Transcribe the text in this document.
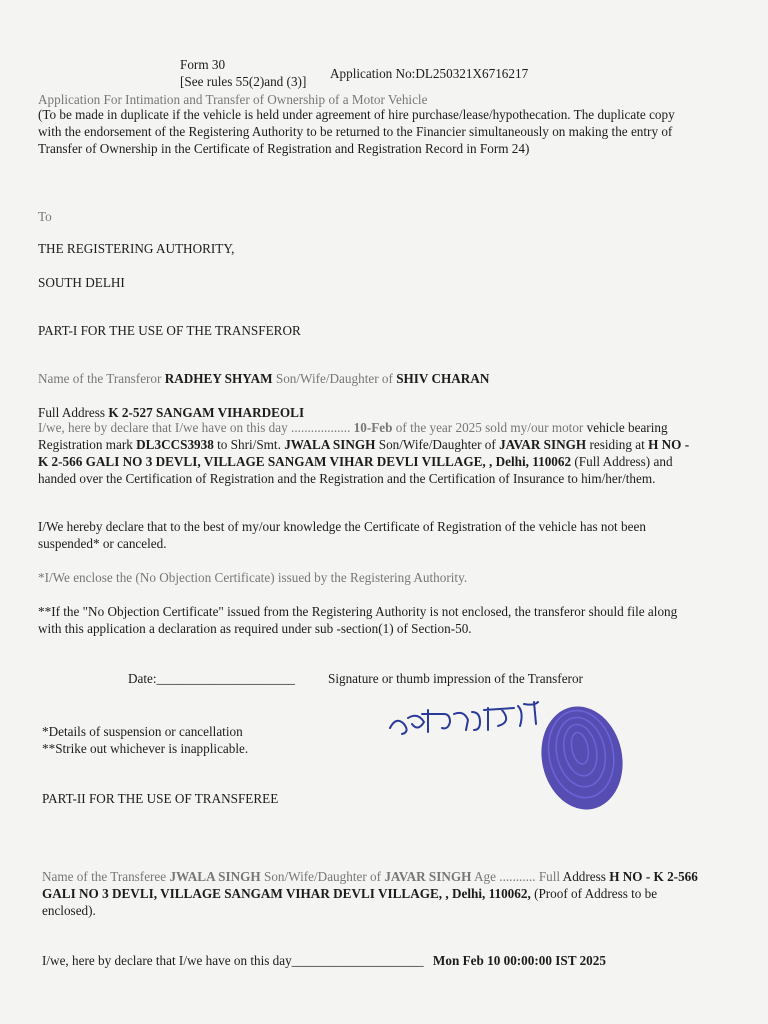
Form 30
[See rules 55(2)and (3)]
Application No:DL250321X6716217
Application For Intimation and Transfer of Ownership of a Motor Vehicle
(To be made in duplicate if the vehicle is held under agreement of hire purchase/lease/hypothecation. The duplicate copy with the endorsement of the Registering Authority to be returned to the Financier simultaneously on making the entry of Transfer of Ownership in the Certificate of Registration and Registration Record in Form 24)
To
THE REGISTERING AUTHORITY,
SOUTH DELHI
PART-I FOR THE USE OF THE TRANSFEROR
Name of the Transferor RADHEY SHYAM Son/Wife/Daughter of SHIV CHARAN
Full Address K 2-527 SANGAM VIHARDEOLI
I/we, here by declare that I/we have on this day .................. 10-Feb of the year 2025 sold my/our motor vehicle bearing Registration mark DL3CCS3938 to Shri/Smt. JWALA SINGH Son/Wife/Daughter of JAVAR SINGH residing at H NO - K 2-566 GALI NO 3 DEVLI, VILLAGE SANGAM VIHAR DEVLI VILLAGE, , Delhi, 110062 (Full Address) and handed over the Certification of Registration and the Registration and the Certification of Insurance to him/her/them.
I/We hereby declare that to the best of my/our knowledge the Certificate of Registration of the vehicle has not been suspended* or canceled.
*I/We enclose the (No Objection Certificate) issued by the Registering Authority.
**If the "No Objection Certificate" issued from the Registering Authority is not enclosed, the transferor should file along with this application a declaration as required under sub -section(1) of Section-50.
Date:_____________________ Signature or thumb impression of the Transferor
*Details of suspension or cancellation
**Strike out whichever is inapplicable.
PART-II FOR THE USE OF TRANSFEREE
Name of the Transferee JWALA SINGH Son/Wife/Daughter of JAVAR SINGH Age ........... Full Address H NO - K 2-566 GALI NO 3 DEVLI, VILLAGE SANGAM VIHAR DEVLI VILLAGE, , Delhi, 110062, (Proof of Address to be enclosed).
I/we, here by declare that I/we have on this day____________________ Mon Feb 10 00:00:00 IST 2025
